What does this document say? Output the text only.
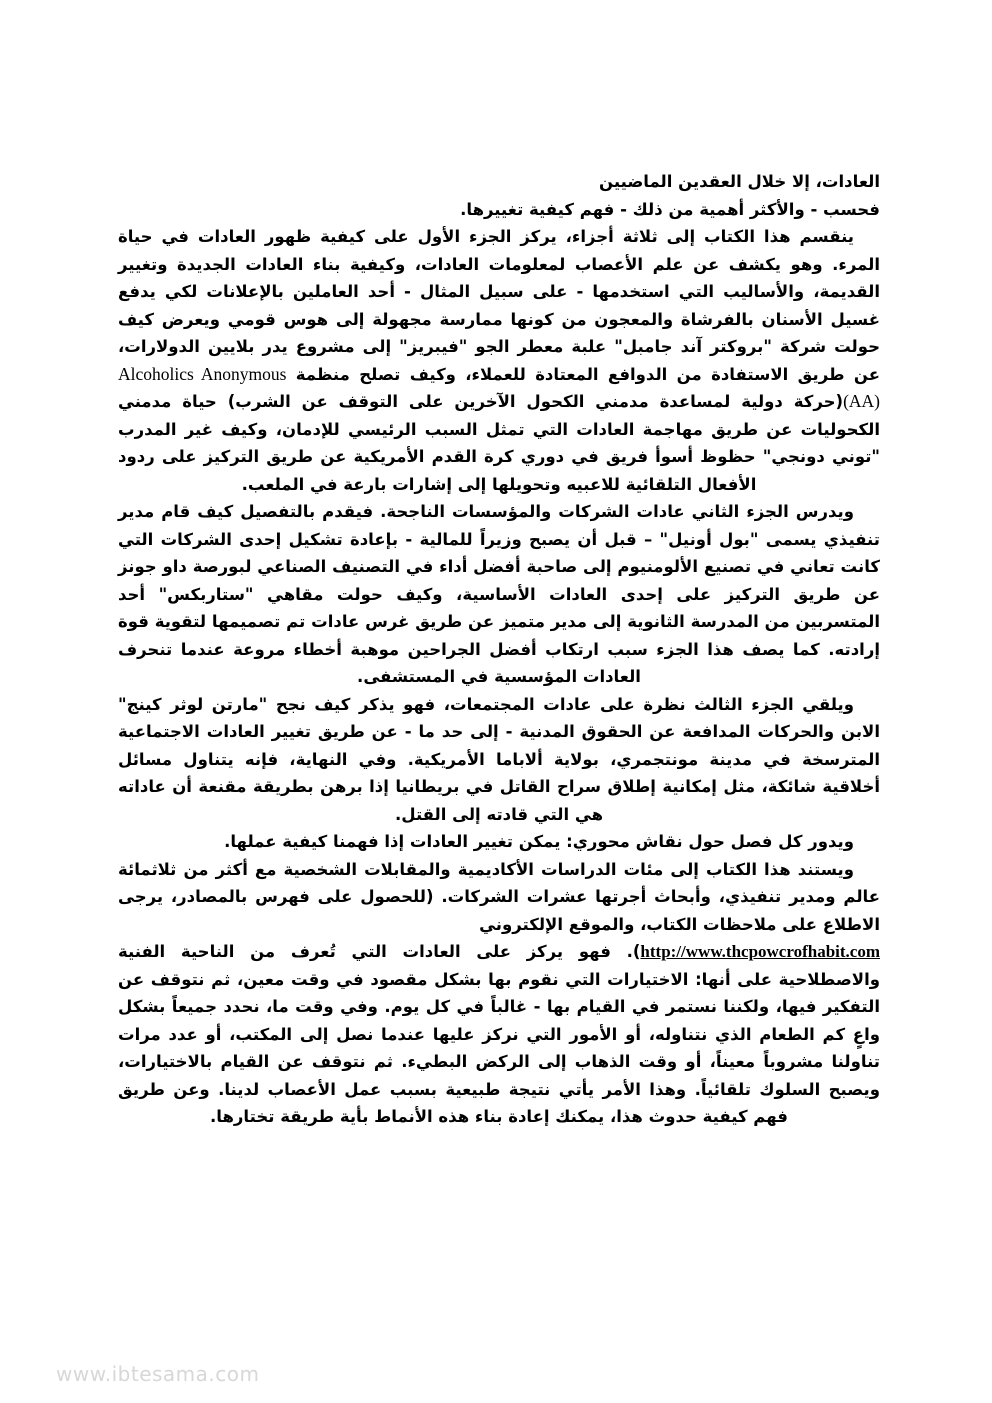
العادات، إلا خلال العقدين الماضيين
فحسب - والأكثر أهمية من ذلك - فهم كيفية تغييرها.

ينقسم هذا الكتاب إلى ثلاثة أجزاء، يركز الجزء الأول على كيفية ظهور العادات في حياة المرء. وهو يكشف عن علم الأعصاب لمعلومات العادات، وكيفية بناء العادات الجديدة وتغيير القديمة، والأساليب التي استخدمها - على سبيل المثال - أحد العاملين بالإعلانات لكي يدفع غسيل الأسنان بالفرشاة والمعجون من كونها ممارسة مجهولة إلى هوس قومي ويعرض كيف حولت شركة "بروكتر آند جامبل" علبة معطر الجو "فيبريز" إلى مشروع يدر بلايين الدولارات، عن طريق الاستفادة من الدوافع المعتادة للعملاء، وكيف تصلح منظمة Alcoholics Anonymous (AA)(حركة دولية لمساعدة مدمني الكحول الآخرين على التوقف عن الشرب) حياة مدمني الكحوليات عن طريق مهاجمة العادات التي تمثل السبب الرئيسي للإدمان، وكيف غير المدرب "توني دونجي" حظوظ أسوأ فريق في دوري كرة القدم الأمريكية عن طريق التركيز على ردود الأفعال التلقائية للاعبيه وتحويلها إلى إشارات بارعة في الملعب.

ويدرس الجزء الثاني عادات الشركات والمؤسسات الناجحة. فيقدم بالتفصيل كيف قام مدير تنفيذي يسمى "بول أونيل" – قبل أن يصبح وزيراً للمالية - بإعادة تشكيل إحدى الشركات التي كانت تعاني في تصنيع الألومنيوم إلى صاحبة أفضل أداء في التصنيف الصناعي لبورصة داو جونز عن طريق التركيز على إحدى العادات الأساسية، وكيف حولت مقاهي "ستاربكس" أحد المتسربين من المدرسة الثانوية إلى مدير متميز عن طريق غرس عادات تم تصميمها لتقوية قوة إرادته. كما يصف هذا الجزء سبب ارتكاب أفضل الجراحين موهبة أخطاء مروعة عندما تنحرف العادات المؤسسية في المستشفى.

ويلقي الجزء الثالث نظرة على عادات المجتمعات، فهو يذكر كيف نجح "مارتن لوثر كينج" الابن والحركات المدافعة عن الحقوق المدنية - إلى حد ما - عن طريق تغيير العادات الاجتماعية المترسخة في مدينة مونتجمري، بولاية ألاباما الأمريكية. وفي النهاية، فإنه يتناول مسائل أخلاقية شائكة، مثل إمكانية إطلاق سراح القاتل في بريطانيا إذا برهن بطريقة مقنعة أن عاداته هي التي قادته إلى القتل.

ويدور كل فصل حول نقاش محوري: يمكن تغيير العادات إذا فهمنا كيفية عملها.

ويستند هذا الكتاب إلى مئات الدراسات الأكاديمية والمقابلات الشخصية مع أكثر من ثلاثمائة عالم ومدير تنفيذي، وأبحاث أجرتها عشرات الشركات. (للحصول على فهرس بالمصادر، يرجى الاطلاع على ملاحظات الكتاب، والموقع الإلكتروني

http://www.thcpowcrofhabit.com). فهو يركز على العادات التي تُعرف من الناحية الفنية والاصطلاحية على أنها: الاختيارات التي نقوم بها بشكل مقصود في وقت معين، ثم نتوقف عن التفكير فيها، ولكننا نستمر في القيام بها - غالباً في كل يوم. وفي وقت ما، نحدد جميعاً بشكل واعٍ كم الطعام الذي نتناوله، أو الأمور التي نركز عليها عندما نصل إلى المكتب، أو عدد مرات تناولنا مشروباً معيناً، أو وقت الذهاب إلى الركض البطيء. ثم نتوقف عن القيام بالاختيارات، ويصبح السلوك تلقائياً. وهذا الأمر يأتي نتيجة طبيعية بسبب عمل الأعصاب لدينا. وعن طريق فهم كيفية حدوث هذا، يمكنك إعادة بناء هذه الأنماط بأية طريقة تختارها.

www.ibtesama.com
